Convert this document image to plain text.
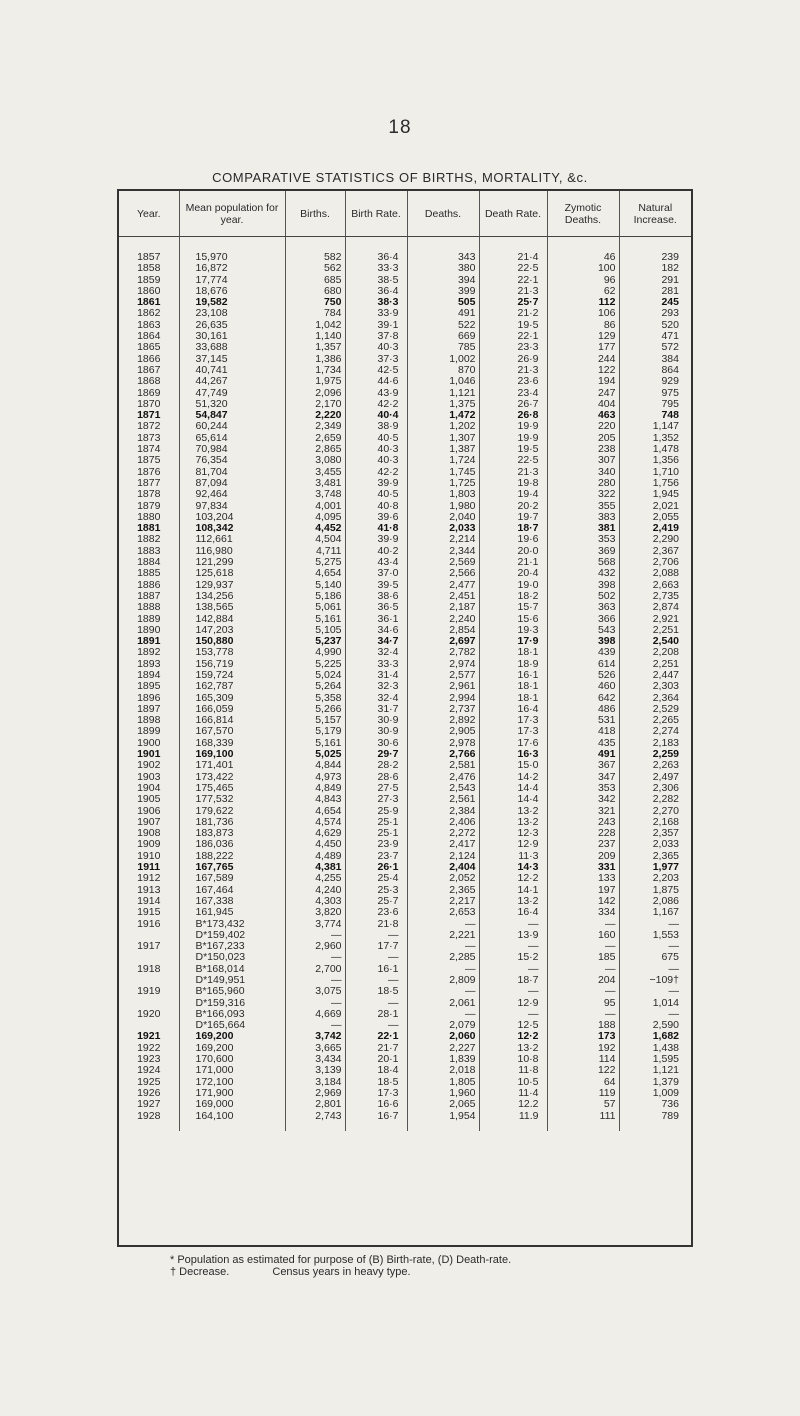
18
COMPARATIVE STATISTICS OF BIRTHS, MORTALITY, &c.
Year.	Mean population for year.	Births.	Birth Rate.	Deaths.	Death Rate.	Zymotic Deaths.	Natural Increase.

1857	15,970	582	36·4	343	21·4	46	239
1858	16,872	562	33·3	380	22·5	100	182
1859	17,774	685	38·5	394	22·1	96	291
1860	18,676	680	36·4	399	21·3	62	281
1861	19,582	750	38·3	505	25·7	112	245
1862	23,108	784	33·9	491	21·2	106	293
1863	26,635	1,042	39·1	522	19·5	86	520
1864	30,161	1,140	37·8	669	22·1	129	471
1865	33,688	1,357	40·3	785	23·3	177	572
1866	37,145	1,386	37·3	1,002	26·9	244	384
1867	40,741	1,734	42·5	870	21·3	122	864
1868	44,267	1,975	44·6	1,046	23·6	194	929
1869	47,749	2,096	43·9	1,121	23·4	247	975
1870	51,320	2,170	42·2	1,375	26·7	404	795
1871	54,847	2,220	40·4	1,472	26·8	463	748
1872	60,244	2,349	38·9	1,202	19·9	220	1,147
1873	65,614	2,659	40·5	1,307	19·9	205	1,352
1874	70,984	2,865	40·3	1,387	19·5	238	1,478
1875	76,354	3,080	40·3	1,724	22·5	307	1,356
1876	81,704	3,455	42·2	1,745	21·3	340	1,710
1877	87,094	3,481	39·9	1,725	19·8	280	1,756
1878	92,464	3,748	40·5	1,803	19·4	322	1,945
1879	97,834	4,001	40·8	1,980	20·2	355	2,021
1880	103,204	4,095	39·6	2,040	19·7	383	2,055
1881	108,342	4,452	41·8	2,033	18·7	381	2,419
1882	112,661	4,504	39·9	2,214	19·6	353	2,290
1883	116,980	4,711	40·2	2,344	20·0	369	2,367
1884	121,299	5,275	43·4	2,569	21·1	568	2,706
1885	125,618	4,654	37·0	2,566	20·4	432	2,088
1886	129,937	5,140	39·5	2,477	19·0	398	2,663
1887	134,256	5,186	38·6	2,451	18·2	502	2,735
1888	138,565	5,061	36·5	2,187	15·7	363	2,874
1889	142,884	5,161	36·1	2,240	15·6	366	2,921
1890	147,203	5,105	34·6	2,854	19·3	543	2,251
1891	150,880	5,237	34·7	2,697	17·9	398	2,540
1892	153,778	4,990	32·4	2,782	18·1	439	2,208
1893	156,719	5,225	33·3	2,974	18·9	614	2,251
1894	159,724	5,024	31·4	2,577	16·1	526	2,447
1895	162,787	5,264	32·3	2,961	18·1	460	2,303
1896	165,309	5,358	32·4	2,994	18·1	642	2,364
1897	166,059	5,266	31·7	2,737	16·4	486	2,529
1898	166,814	5,157	30·9	2,892	17·3	531	2,265
1899	167,570	5,179	30·9	2,905	17·3	418	2,274
1900	168,339	5,161	30·6	2,978	17·6	435	2,183
1901	169,100	5,025	29·7	2,766	16·3	491	2,259
1902	171,401	4,844	28·2	2,581	15·0	367	2,263
1903	173,422	4,973	28·6	2,476	14·2	347	2,497
1904	175,465	4,849	27·5	2,543	14·4	353	2,306
1905	177,532	4,843	27·3	2,561	14·4	342	2,282
1906	179,622	4,654	25·9	2,384	13·2	321	2,270
1907	181,736	4,574	25·1	2,406	13·2	243	2,168
1908	183,873	4,629	25·1	2,272	12·3	228	2,357
1909	186,036	4,450	23·9	2,417	12·9	237	2,033
1910	188,222	4,489	23·7	2,124	11·3	209	2,365
1911	167,765	4,381	26·1	2,404	14·3	331	1,977
1912	167,589	4,255	25·4	2,052	12·2	133	2,203
1913	167,464	4,240	25·3	2,365	14·1	197	1,875
1914	167,338	4,303	25·7	2,217	13·2	142	2,086
1915	161,945	3,820	23·6	2,653	16·4	334	1,167
1916	B*173,432	3,774	21·8	—	—	—	—
	D*159,402	—	—	2,221	13·9	160	1,553
1917	B*167,233	2,960	17·7	—	—	—	—
	D*150,023	—	—	2,285	15·2	185	675
1918	B*168,014	2,700	16·1	—	—	—	—
	D*149,951	—	—	2,809	18·7	204	−109†
1919	B*165,960	3,075	18·5	—	—	—	—
	D*159,316	—	—	2,061	12·9	95	1,014
1920	B*166,093	4,669	28·1	—	—	—	—
	D*165,664	—	—	2,079	12·5	188	2,590
1921	169,200	3,742	22·1	2,060	12·2	173	1,682
1922	169,200	3,665	21·7	2,227	13·2	192	1,438
1923	170,600	3,434	20·1	1,839	10·8	114	1,595
1924	171,000	3,139	18·4	2,018	11·8	122	1,121
1925	172,100	3,184	18·5	1,805	10·5	64	1,379
1926	171,900	2,969	17·3	1,960	11·4	119	1,009
1927	169,000	2,801	16·6	2,065	12.2	57	736
1928	164,100	2,743	16·7	1,954	11.9	111	789

* Population as estimated for purpose of (B) Birth-rate, (D) Death-rate.
† Decrease.	Census years in heavy type.
